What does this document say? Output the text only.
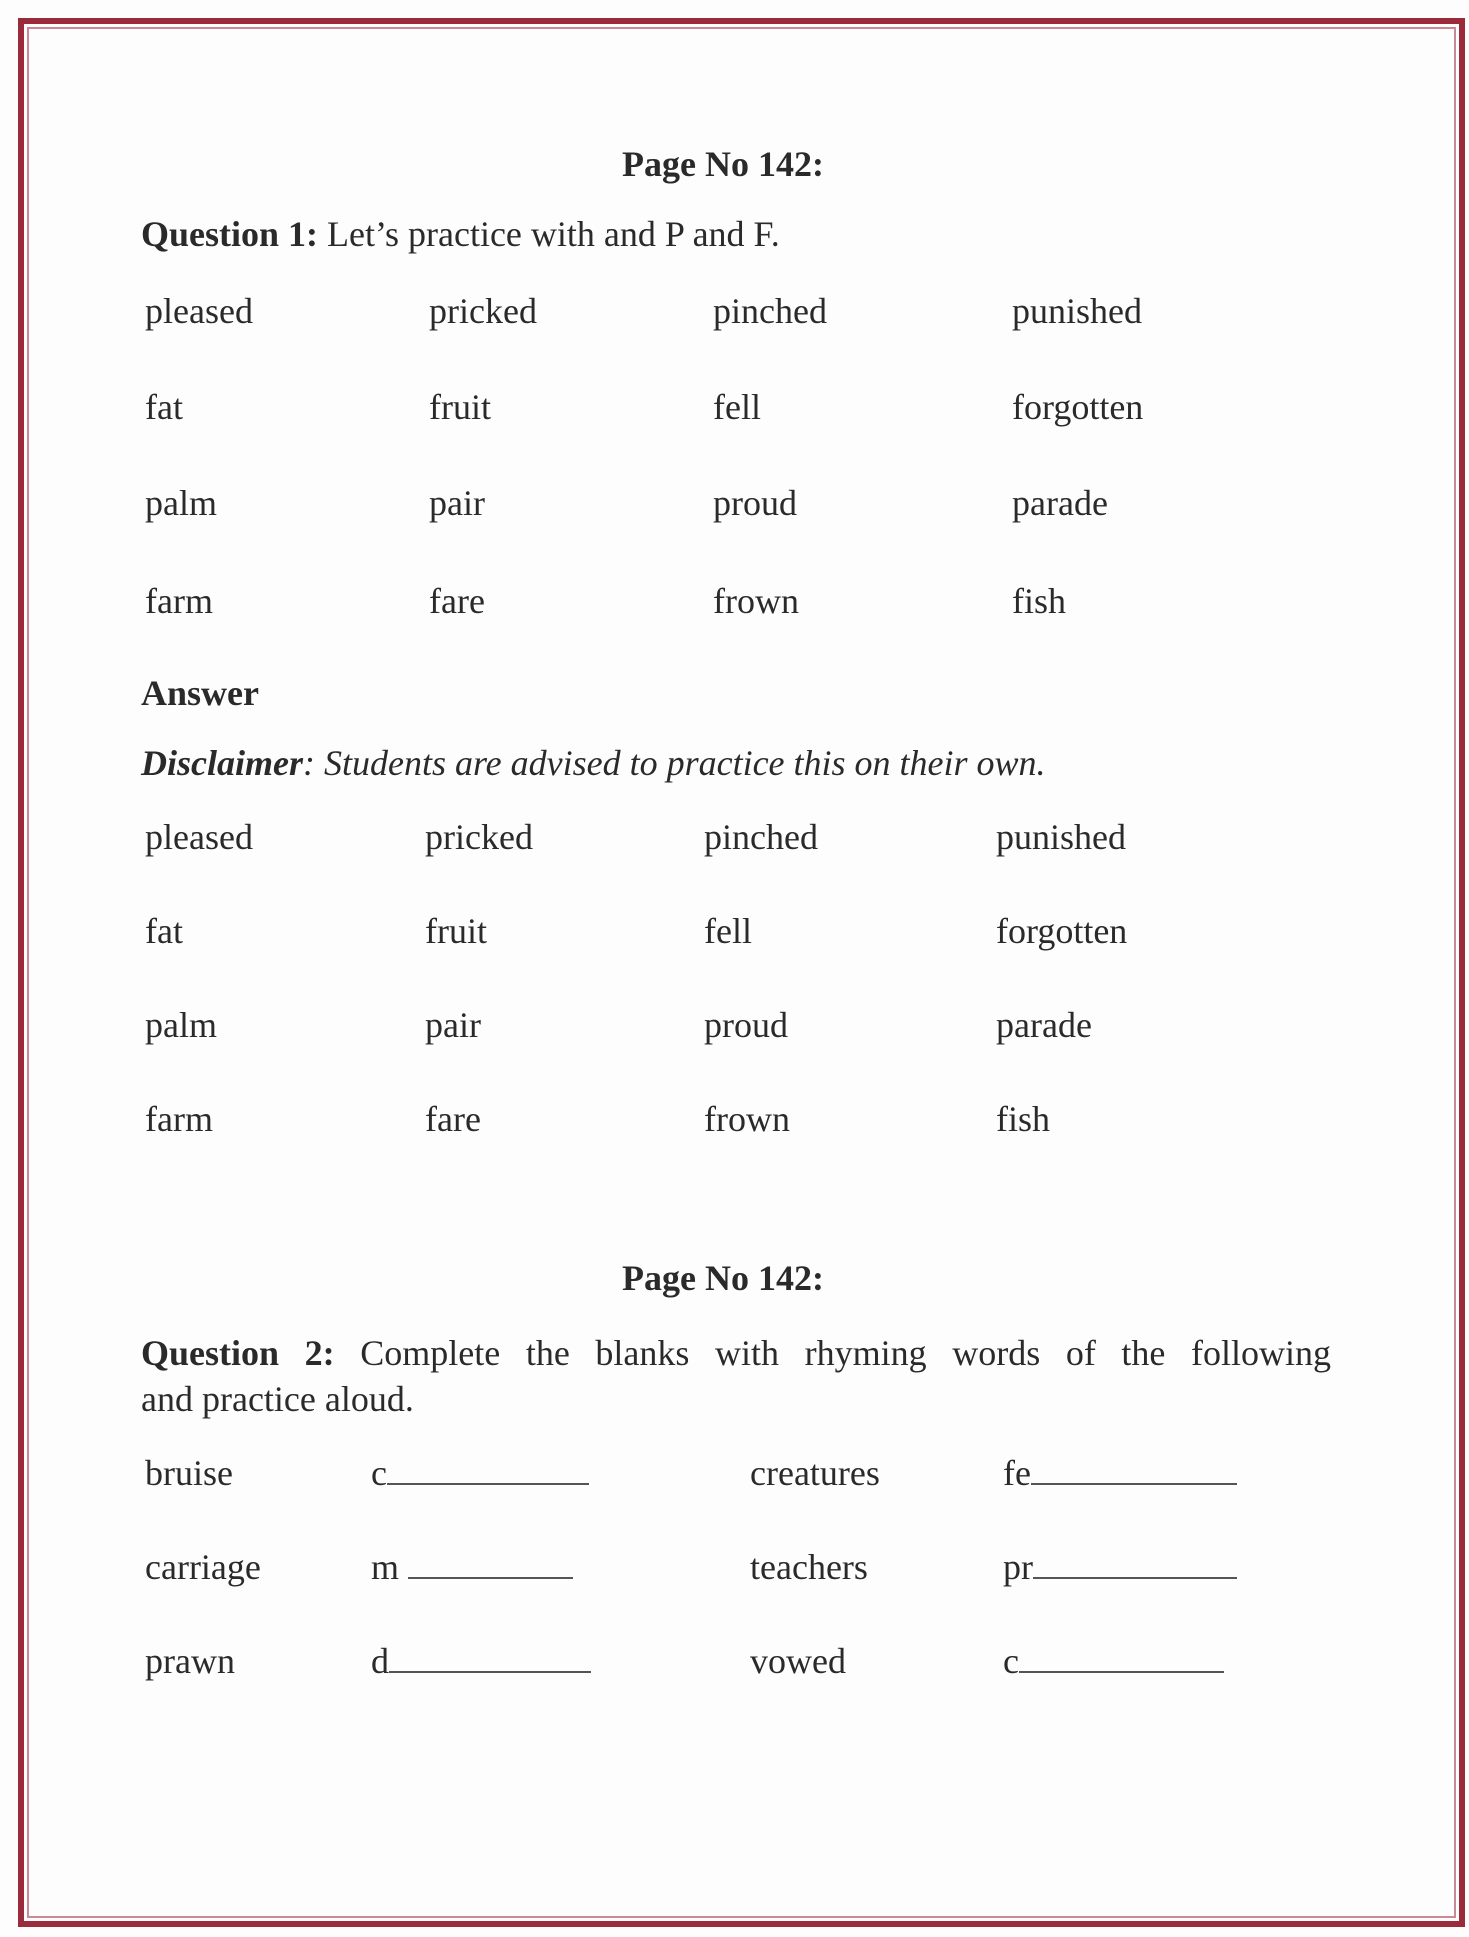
Page No 142:
Question 1: Let’s practice with and P and F.
pleased	pricked	pinched	punished
fat	fruit	fell	forgotten
palm	pair	proud	parade
farm	fare	frown	fish
Answer
Disclaimer: Students are advised to practice this on their own.
pleased	pricked	pinched	punished
fat	fruit	fell	forgotten
palm	pair	proud	parade
farm	fare	frown	fish
Page No 142:
Question 2: Complete the blanks with rhyming words of the following
and practice aloud.
bruise	c	creatures	fe
carriage	m	teachers	pr
prawn	d	vowed	c
